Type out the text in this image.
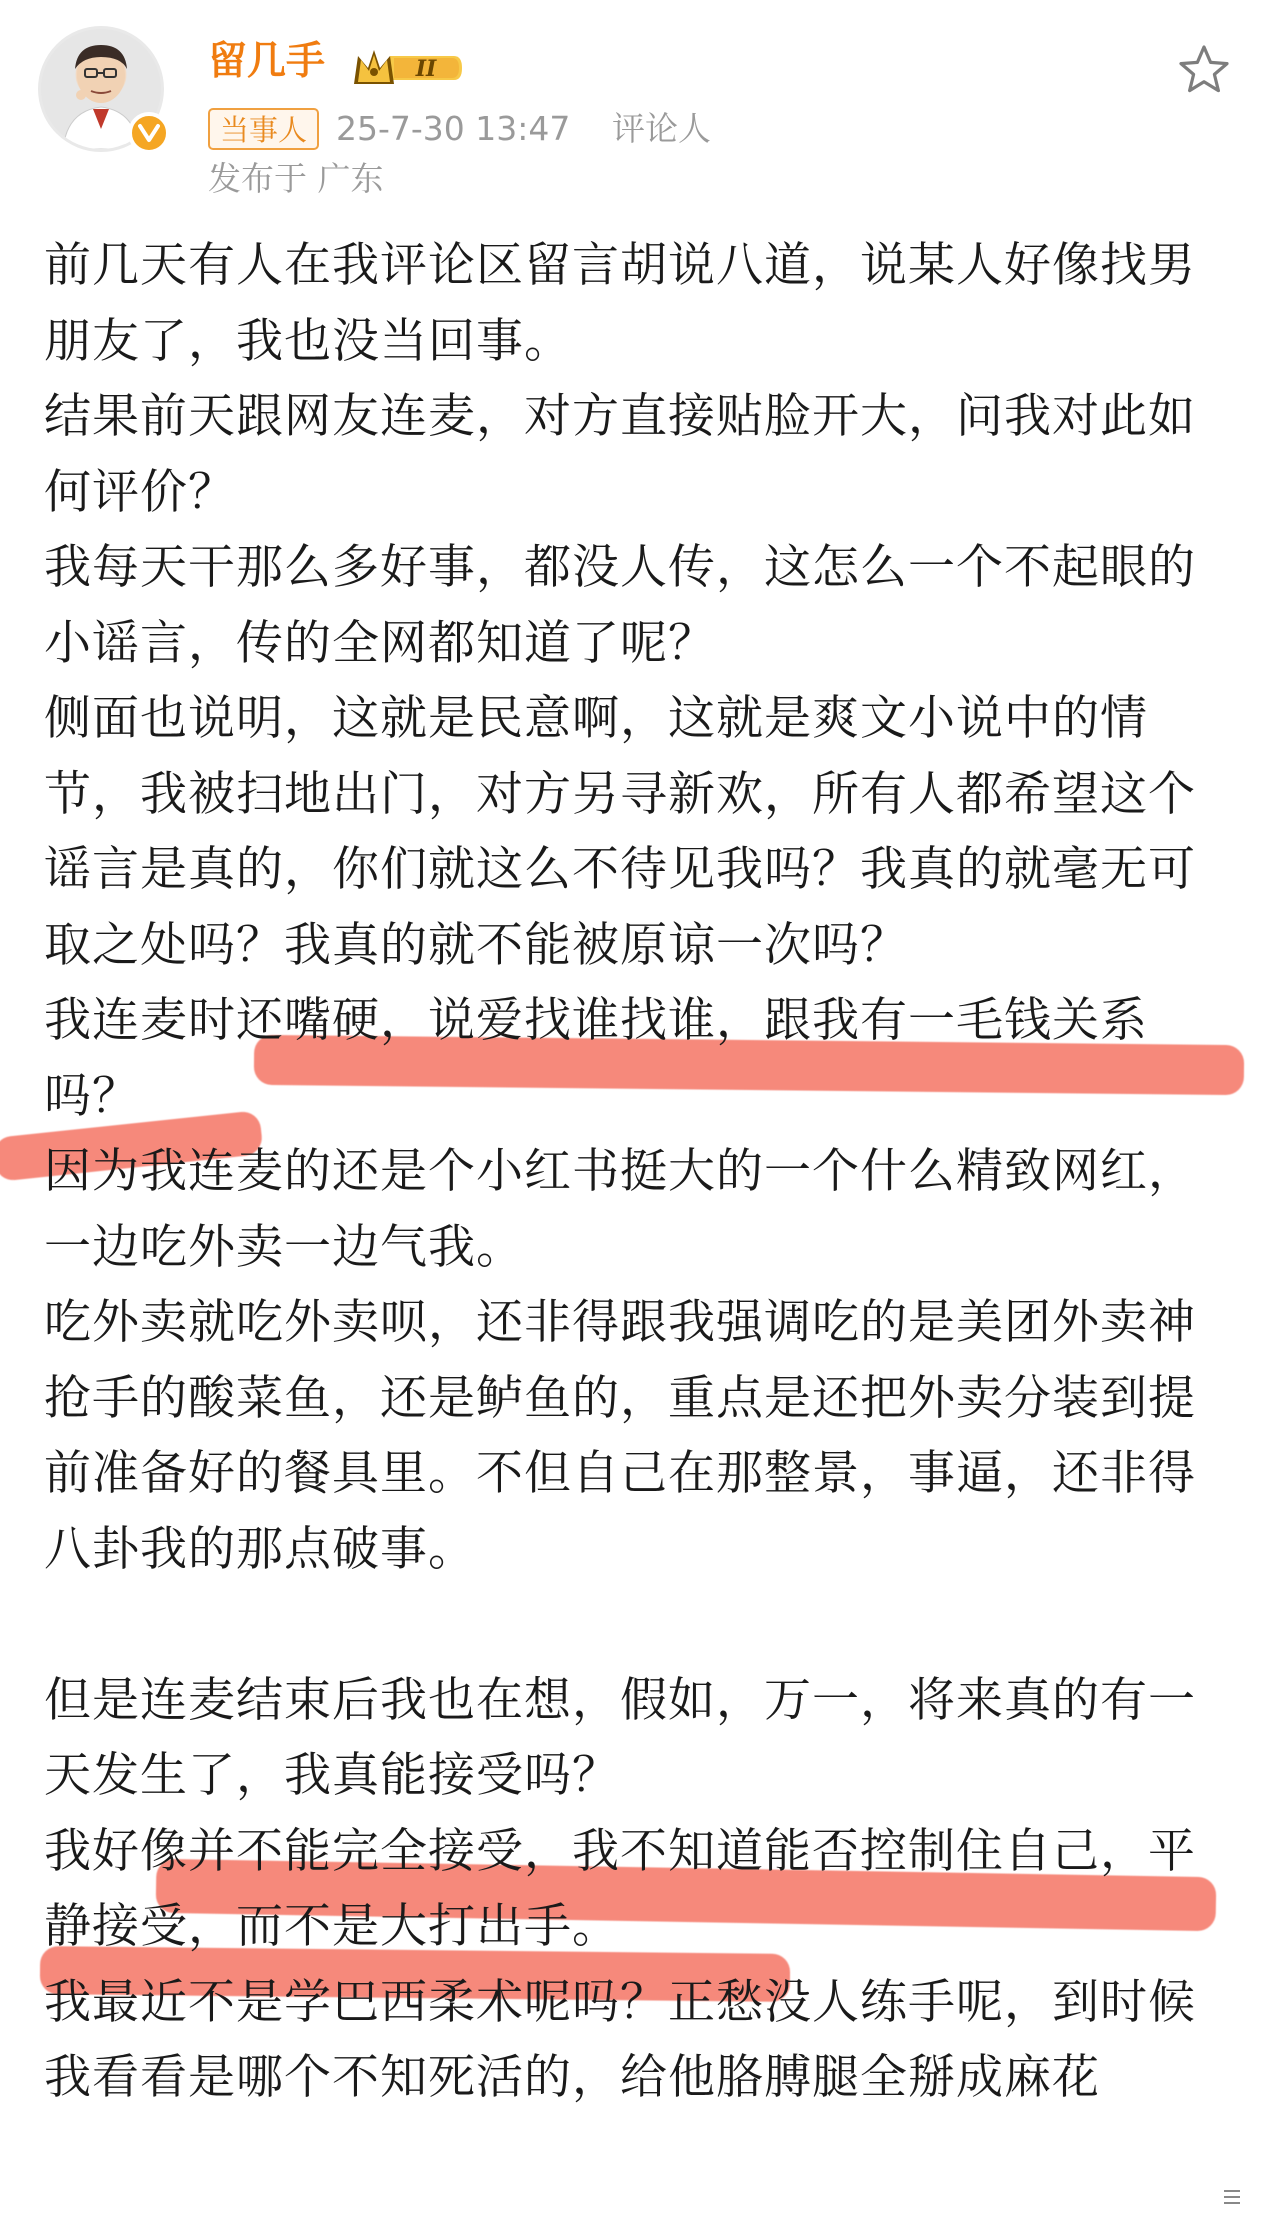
留几手	II
当事人 25-7-30 13:47 评论人
发布于 广东

前几天有人在我评论区留言胡说八道，说某人好像找男朋友了，我也没当回事。

结果前天跟网友连麦，对方直接贴脸开大，问我对此如何评价？

我每天干那么多好事，都没人传，这怎么一个不起眼的小谣言，传的全网都知道了呢？

侧面也说明，这就是民意啊，这就是爽文小说中的情节，我被扫地出门，对方另寻新欢，所有人都希望这个谣言是真的，你们就这么不待见我吗？我真的就毫无可取之处吗？我真的就不能被原谅一次吗？

我连麦时还嘴硬，说爱找谁找谁，跟我有一毛钱关系吗？

因为我连麦的还是个小红书挺大的一个什么精致网红，一边吃外卖一边气我。

吃外卖就吃外卖呗，还非得跟我强调吃的是美团外卖神抢手的酸菜鱼，还是鲈鱼的，重点是还把外卖分装到提前准备好的餐具里。不但自己在那整景，事逼，还非得八卦我的那点破事。

但是连麦结束后我也在想，假如，万一，将来真的有一天发生了，我真能接受吗？

我好像并不能完全接受，我不知道能否控制住自己，平静接受，而不是大打出手。

我最近不是学巴西柔术呢吗？正愁没人练手呢，到时候我看看是哪个不知死活的，给他胳膊腿全掰成麻花
